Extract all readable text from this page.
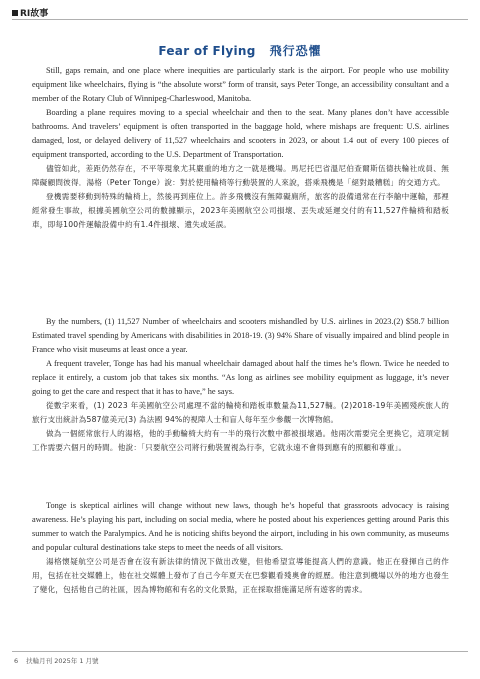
RI故事
Fear of Flying 飛行恐懼

Still, gaps remain, and one place where inequities are particularly stark is the airport. For people who use mobility equipment like wheelchairs, flying is “the absolute worst” form of transit, says Peter Tonge, an accessibility consultant and a member of the Rotary Club of Winnipeg-Charleswood, Manitoba.

Boarding a plane requires moving to a special wheelchair and then to the seat. Many planes don’t have accessible bathrooms. And travelers’ equipment is often transported in the baggage hold, where mishaps are frequent: U.S. airlines damaged, lost, or delayed delivery of 11,527 wheelchairs and scooters in 2023, or about 1.4 out of every 100 pieces of equipment transported, according to the U.S. Department of Transportation.

儘管如此，差距仍然存在，不平等現象尤其嚴重的地方之一就是機場。馬尼托巴省溫尼伯查爾斯伍德扶輪社成員、無障礙顧問彼得．湯格（Peter Tonge）說：對於使用輪椅等行動裝置的人來說，搭乘飛機是「絕對最糟糕」的交通方式。

登機需要移動到特殊的輪椅上，然後再到座位上。許多飛機沒有無障礙廁所，旅客的設備通常在行李艙中運輸，那裡經常發生事故，根據美國航空公司的數據顯示，2023年美國航空公司損壞、丟失或延遲交付的有11,527件輪椅和踏板車，即每100件運輸設備中約有1.4件損壞、遺失或延誤。

By the numbers, (1) 11,527 Number of wheelchairs and scooters mishandled by U.S. airlines in 2023.(2) $58.7 billion Estimated travel spending by Americans with disabilities in 2018-19. (3) 94% Share of visually impaired and blind people in France who visit museums at least once a year.

A frequent traveler, Tonge has had his manual wheelchair damaged about half the times he’s flown. Twice he needed to replace it entirely, a custom job that takes six months. “As long as airlines see mobility equipment as luggage, it’s never going to get the care and respect that it has to have,” he says.

從數字來看，(1) 2023 年美國航空公司處理不當的輪椅和踏板車數量為11,527輛。(2)2018-19年美國殘疾旅人的旅行支出統計為587億美元(3) 為法國 94%的視障人士和盲人每年至少參觀一次博物館。

做為一個經常旅行人的湯格，他的手動輪椅大約有一半的飛行次數中都被損壞過。他兩次需要完全更換它，這項定制工作需要六個月的時間。他說：「只要航空公司將行動裝置視為行李，它就永遠不會得到應有的照顧和尊重」。

Tonge is skeptical airlines will change without new laws, though he’s hopeful that grassroots advocacy is raising awareness. He’s playing his part, including on social media, where he posted about his experiences getting around Paris this summer to watch the Paralympics. And he is noticing shifts beyond the airport, including in his own community, as museums and popular cultural destinations take steps to meet the needs of all visitors.

湯格懷疑航空公司是否會在沒有新法律的情況下做出改變，但他希望宣導能提高人們的意識。他正在發揮自己的作用，包括在社交媒體上，他在社交媒體上發布了自己今年夏天在巴黎觀看殘奧會的經歷。他注意到機場以外的地方也發生了變化，包括他自己的社區，因為博物館和有名的文化景點，正在採取措施滿足所有遊客的需求。

6 扶輪月刊 2025年 1 月號
